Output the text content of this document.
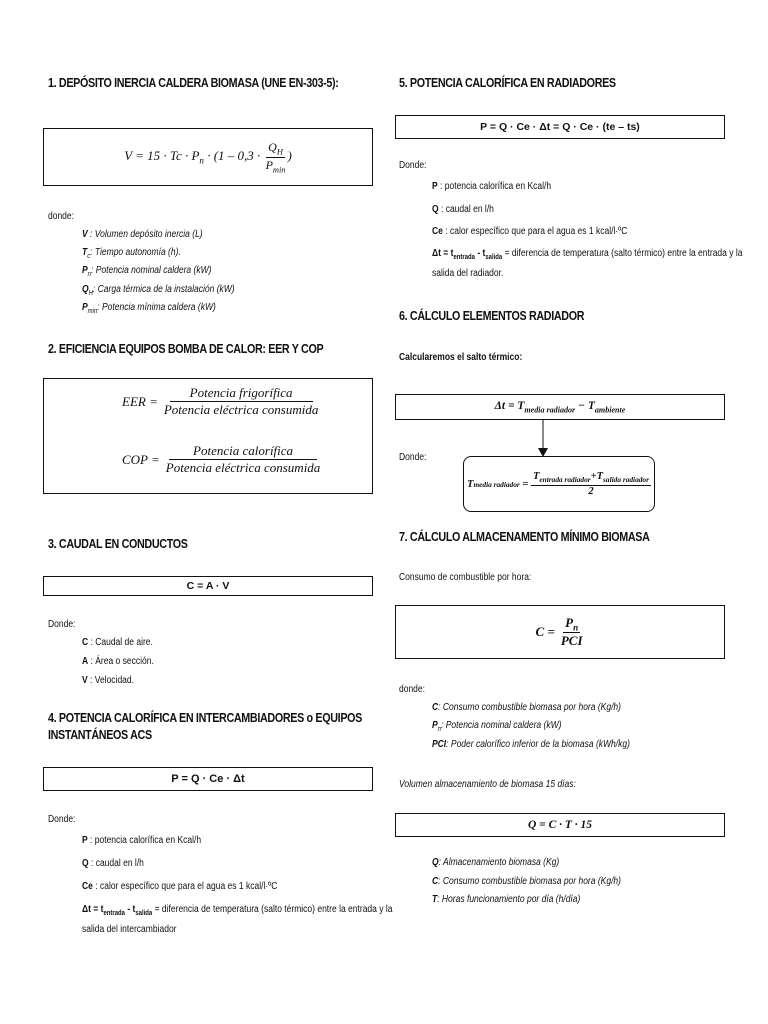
1. DEPÓSITO INERCIA CALDERA BIOMASA (UNE EN-303-5):
$V = 15 \cdot Tc \cdot P_n \cdot (1 - 0,3 \cdot \frac{Q_H}{P_{min}}$ )
donde:
V : Volumen depósito inercia (L)
$T_c$: Tiempo autonomía (h).
$P_n$: Potencia nominal caldera (kW)
$Q_H$: Carga térmica de la instalación (kW)
$P_{min}$: Potencia mínima caldera (kW)
2. EFICIENCIA EQUIPOS BOMBA DE CALOR: EER Y COP
EER = $\frac{\text{Potencia frigorífica}}{\text{Potencia eléctrica consumida}}$
COP = $\frac{\text{Potencia calorífica}}{\text{Potencia eléctrica consumida}}$
3. CAUDAL EN CONDUCTOS
C = A · V
Donde:
C : Caudal de aire.
A : Área o sección.
V : Velocidad.
4. POTENCIA CALORÍFICA EN INTERCAMBIADORES o EQUIPOS
INSTANTÁNEOS ACS
P = Q · Ce · Δt
Donde:
P : potencia calorífica en Kcal/h
Q : caudal en l/h
Ce : calor específico que para el agua es 1 kcal/l·ºC
$\Delta t = t_{entrada} - t_{salida}$ = diferencia de temperatura (salto térmico) entre la entrada y la
salida del intercambiador
5. POTENCIA CALORÍFICA EN RADIADORES
P = Q · Ce · Δt = Q · Ce · (te – ts)
Donde:
P : potencia calorífica en Kcal/h
Q : caudal en l/h
Ce : calor específico que para el agua es 1 kcal/l·ºC
$\Delta t = t_{entrada} - t_{salida}$ = diferencia de temperatura (salto térmico) entre la entrada y la
salida del radiador.
6. CÁLCULO ELEMENTOS RADIADOR
Calcularemos el salto térmico:
$\Delta t = T_{media radiador} - T_{ambiente}$
Donde:
T media radiador = $\frac{T_{entrada radiador}+T_{salida radiador}}{2}$
7. CÁLCULO ALMACENAMENTO MÍNIMO BIOMASA
Consumo de combustible por hora:
$C = \frac{P_n}{\text{PCI}}$
donde:
C: Consumo combustible biomasa por hora (Kg/h)
$P_n$: Potencia nominal caldera (kW)
PCI: Poder calorífico inferior de la biomasa (kWh/kg)
Volumen almacenamiento de biomasa 15 días:
Q = C · T · 15
Q: Almacenamiento biomasa (Kg)
C: Consumo combustible biomasa por hora (Kg/h)
T: Horas funcionamiento por día (h/día)
